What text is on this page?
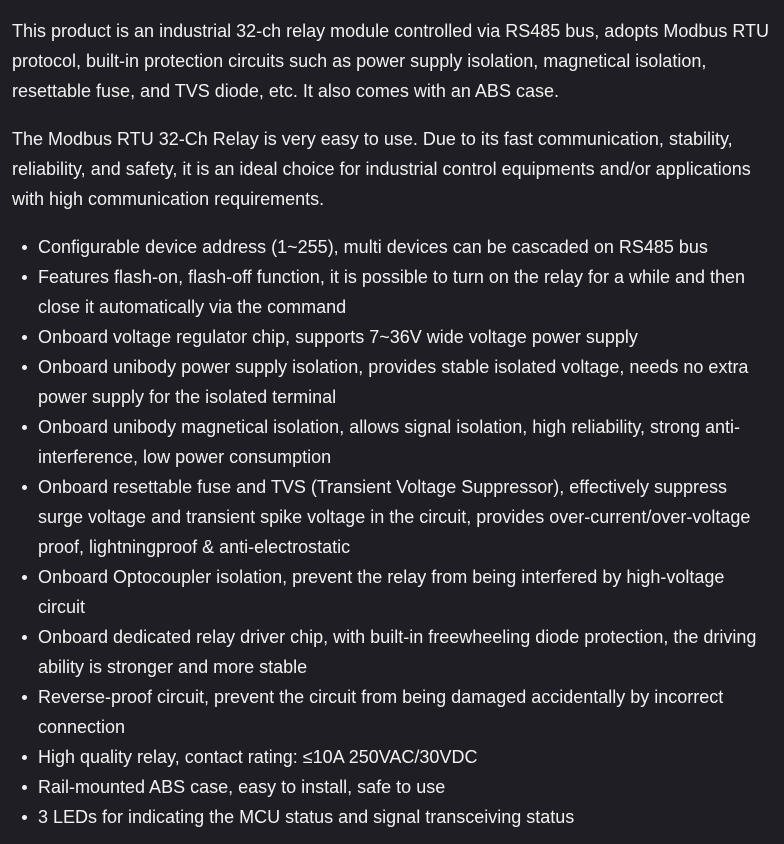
This product is an industrial 32-ch relay module controlled via RS485 bus, adopts Modbus RTU protocol, built-in protection circuits such as power supply isolation, magnetical isolation, resettable fuse, and TVS diode, etc. It also comes with an ABS case.

The Modbus RTU 32-Ch Relay is very easy to use. Due to its fast communication, stability, reliability, and safety, it is an ideal choice for industrial control equipments and/or applications with high communication requirements.

Configurable device address (1~255), multi devices can be cascaded on RS485 bus
Features flash-on, flash-off function, it is possible to turn on the relay for a while and then close it automatically via the command
Onboard voltage regulator chip, supports 7~36V wide voltage power supply
Onboard unibody power supply isolation, provides stable isolated voltage, needs no extra power supply for the isolated terminal
Onboard unibody magnetical isolation, allows signal isolation, high reliability, strong anti-interference, low power consumption
Onboard resettable fuse and TVS (Transient Voltage Suppressor), effectively suppress surge voltage and transient spike voltage in the circuit, provides over-current/over-voltage proof, lightningproof & anti-electrostatic
Onboard Optocoupler isolation, prevent the relay from being interfered by high-voltage circuit
Onboard dedicated relay driver chip, with built-in freewheeling diode protection, the driving ability is stronger and more stable
Reverse-proof circuit, prevent the circuit from being damaged accidentally by incorrect connection
High quality relay, contact rating: ≤10A 250VAC/30VDC
Rail-mounted ABS case, easy to install, safe to use
3 LEDs for indicating the MCU status and signal transceiving status
